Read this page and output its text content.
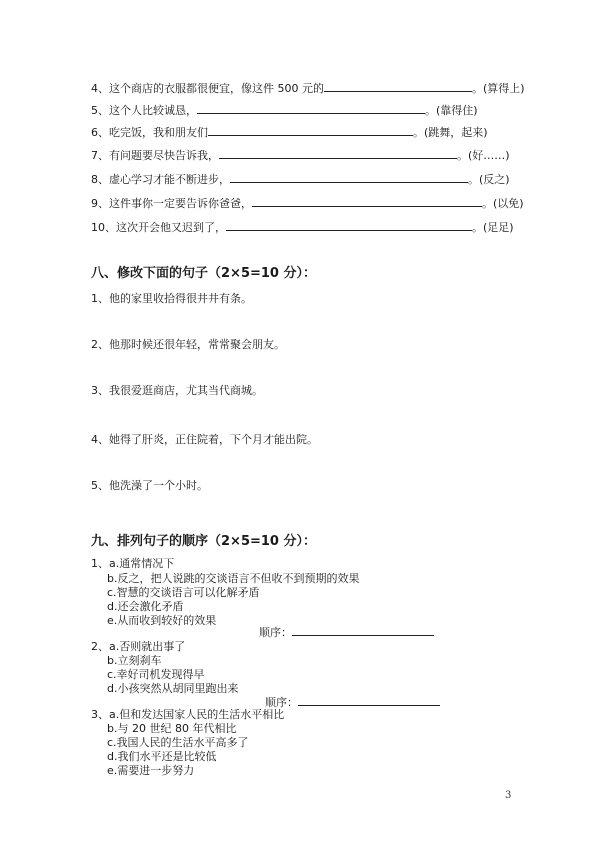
4、这个商店的衣服都很便宜，像这件 500 元的	。(算得上)
5、这个人比较诚恳，	。(靠得住)
6、吃完饭，我和朋友们	。(跳舞，起来)
7、有问题要尽快告诉我，	。(好……)
8、虚心学习才能不断进步，	。(反之)
9、这件事你一定要告诉你爸爸，	。(以免)
10、这次开会他又迟到了，	。(足足)
八、修改下面的句子（2×5=10 分）：
1、他的家里收拾得很井井有条。
2、他那时候还很年轻，常常聚会朋友。
3、我很爱逛商店，尤其当代商城。
4、她得了肝炎，正住院着，下个月才能出院。
5、他洗澡了一个小时。
九、排列句子的顺序（2×5=10 分）：
1、a.通常情况下
b.反之，把人说跳的交谈语言不但收不到预期的效果
c.智慧的交谈语言可以化解矛盾
d.还会激化矛盾
e.从而收到较好的效果
顺序：
2、a.否则就出事了
b.立刻刹车
c.幸好司机发现得早
d.小孩突然从胡同里跑出来
顺序：
3、a.但和发达国家人民的生活水平相比
b.与 20 世纪 80 年代相比
c.我国人民的生活水平高多了
d.我们水平还是比较低
e.需要进一步努力
3
